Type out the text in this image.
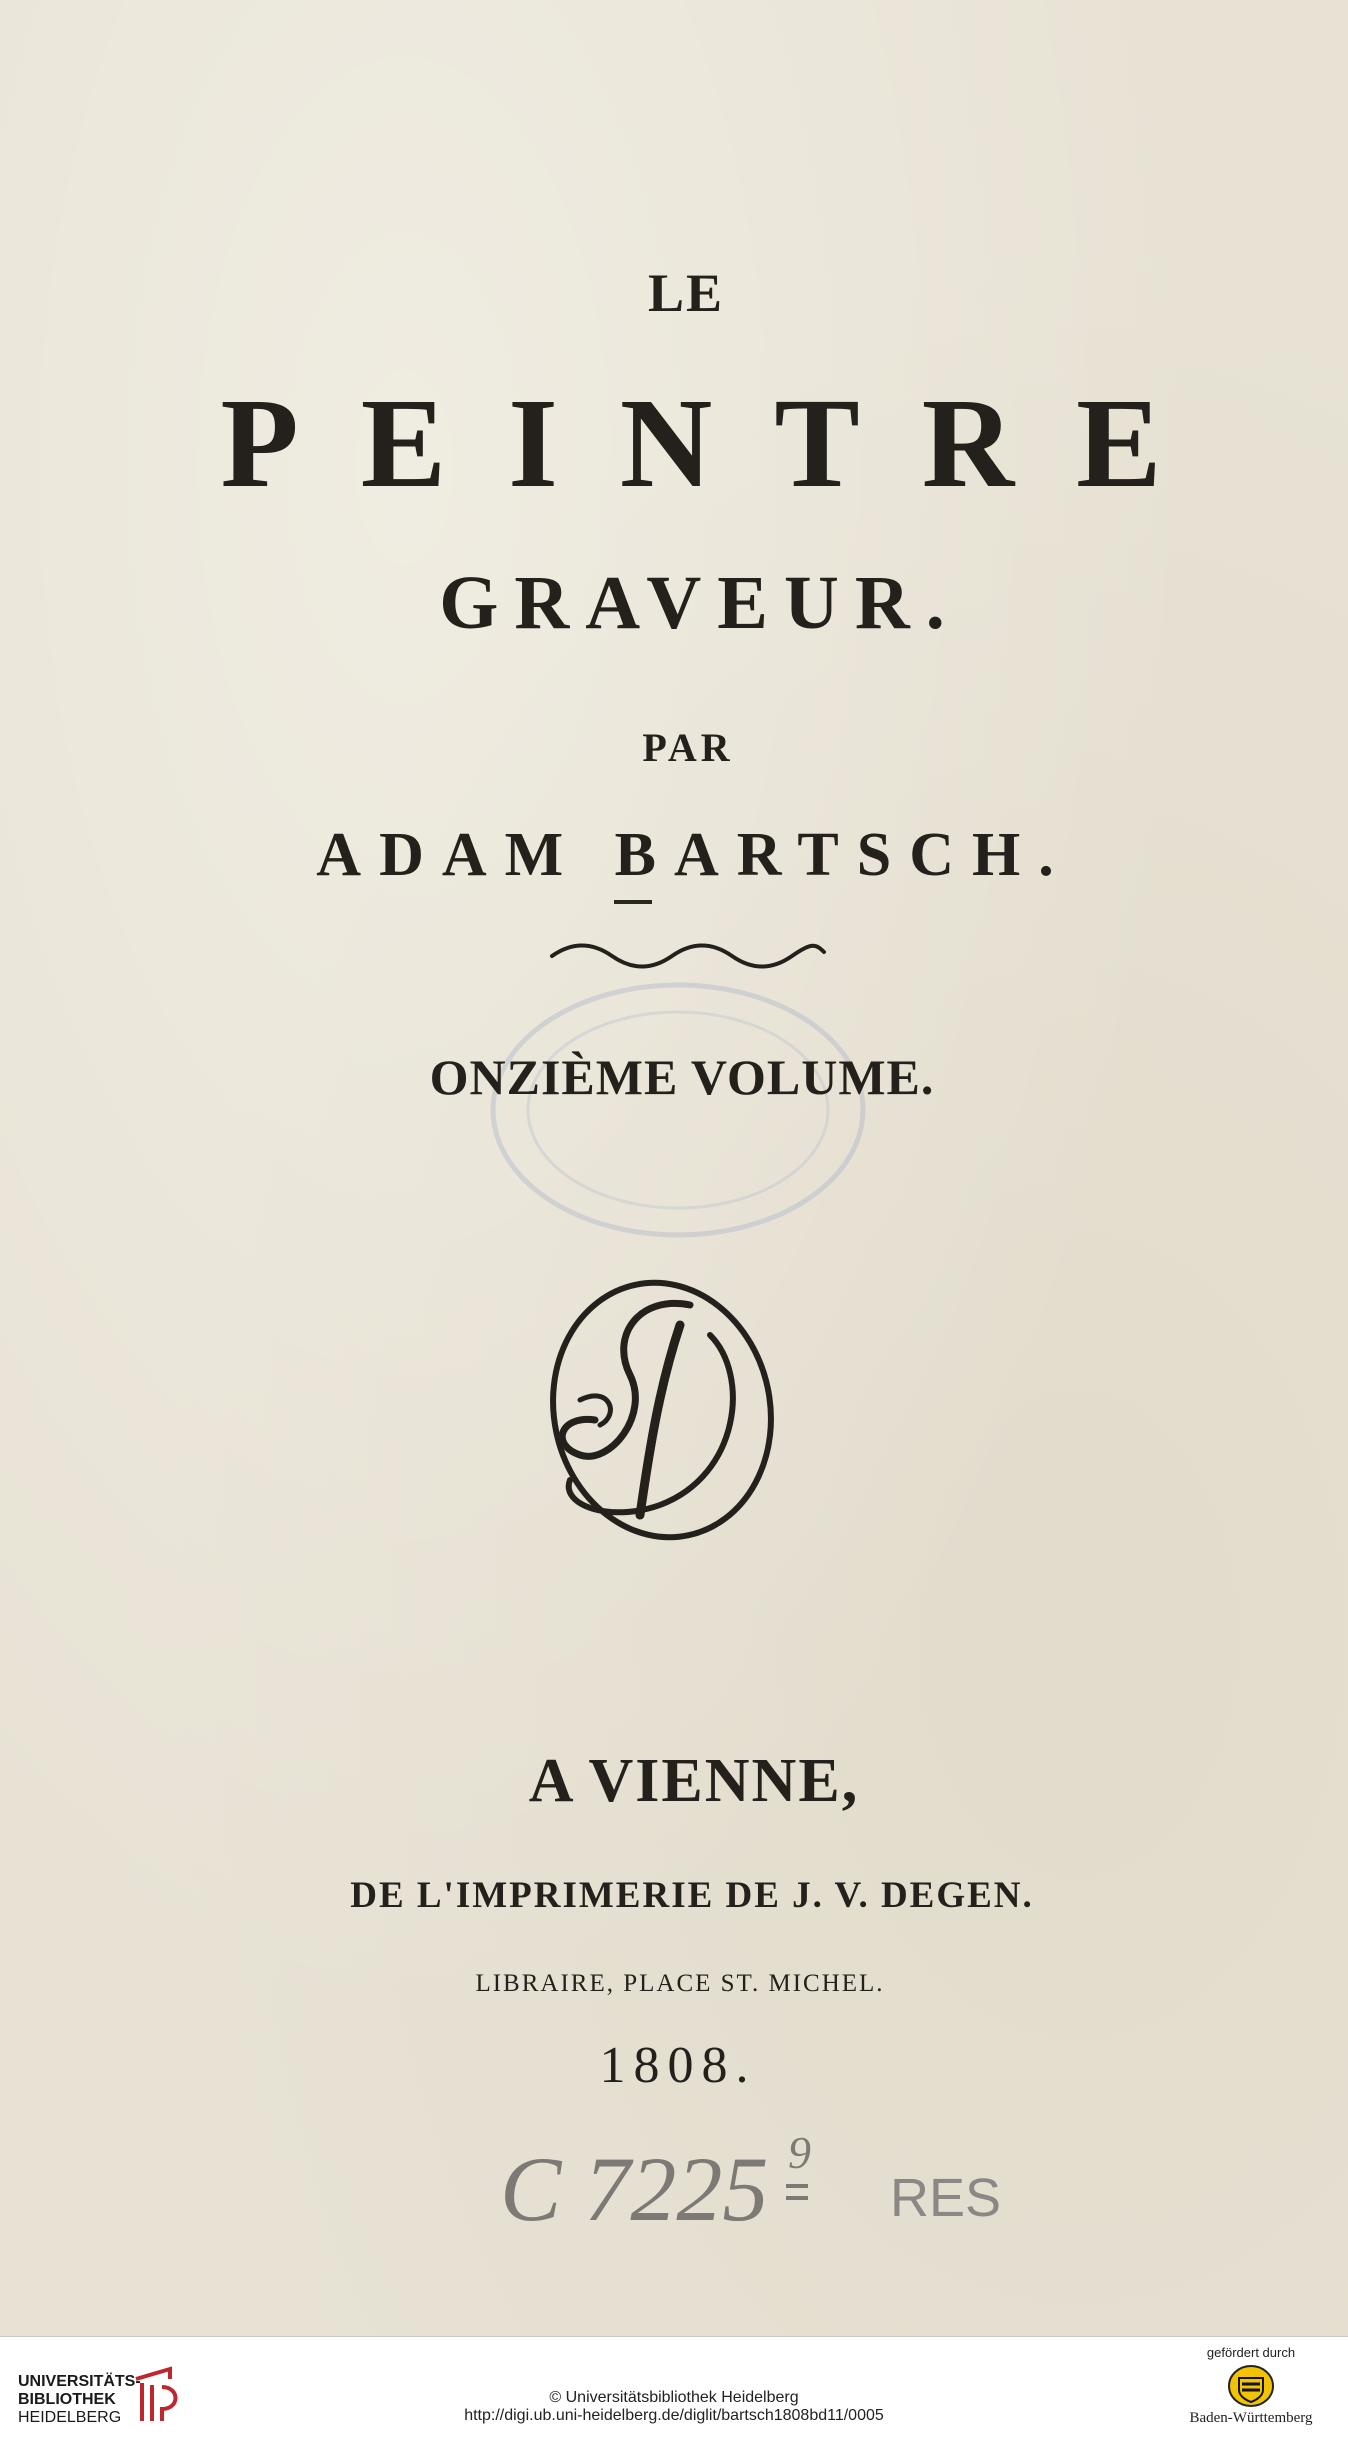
LE
PEINTRE
GRAVEUR.
PAR
ADAM BARTSCH.
ONZIÈME VOLUME.
A VIENNE,
DE L'IMPRIMERIE DE J. V. DEGEN.
LIBRAIRE, PLACE ST. MICHEL.
1808.
C 7225 9
RES
UNIVERSITÄTS-
BIBLIOTHEK
HEIDELBERG
© Universitätsbibliothek Heidelberg
http://digi.ub.uni-heidelberg.de/diglit/bartsch1808bd11/0005
gefördert durch
Baden-Württemberg
